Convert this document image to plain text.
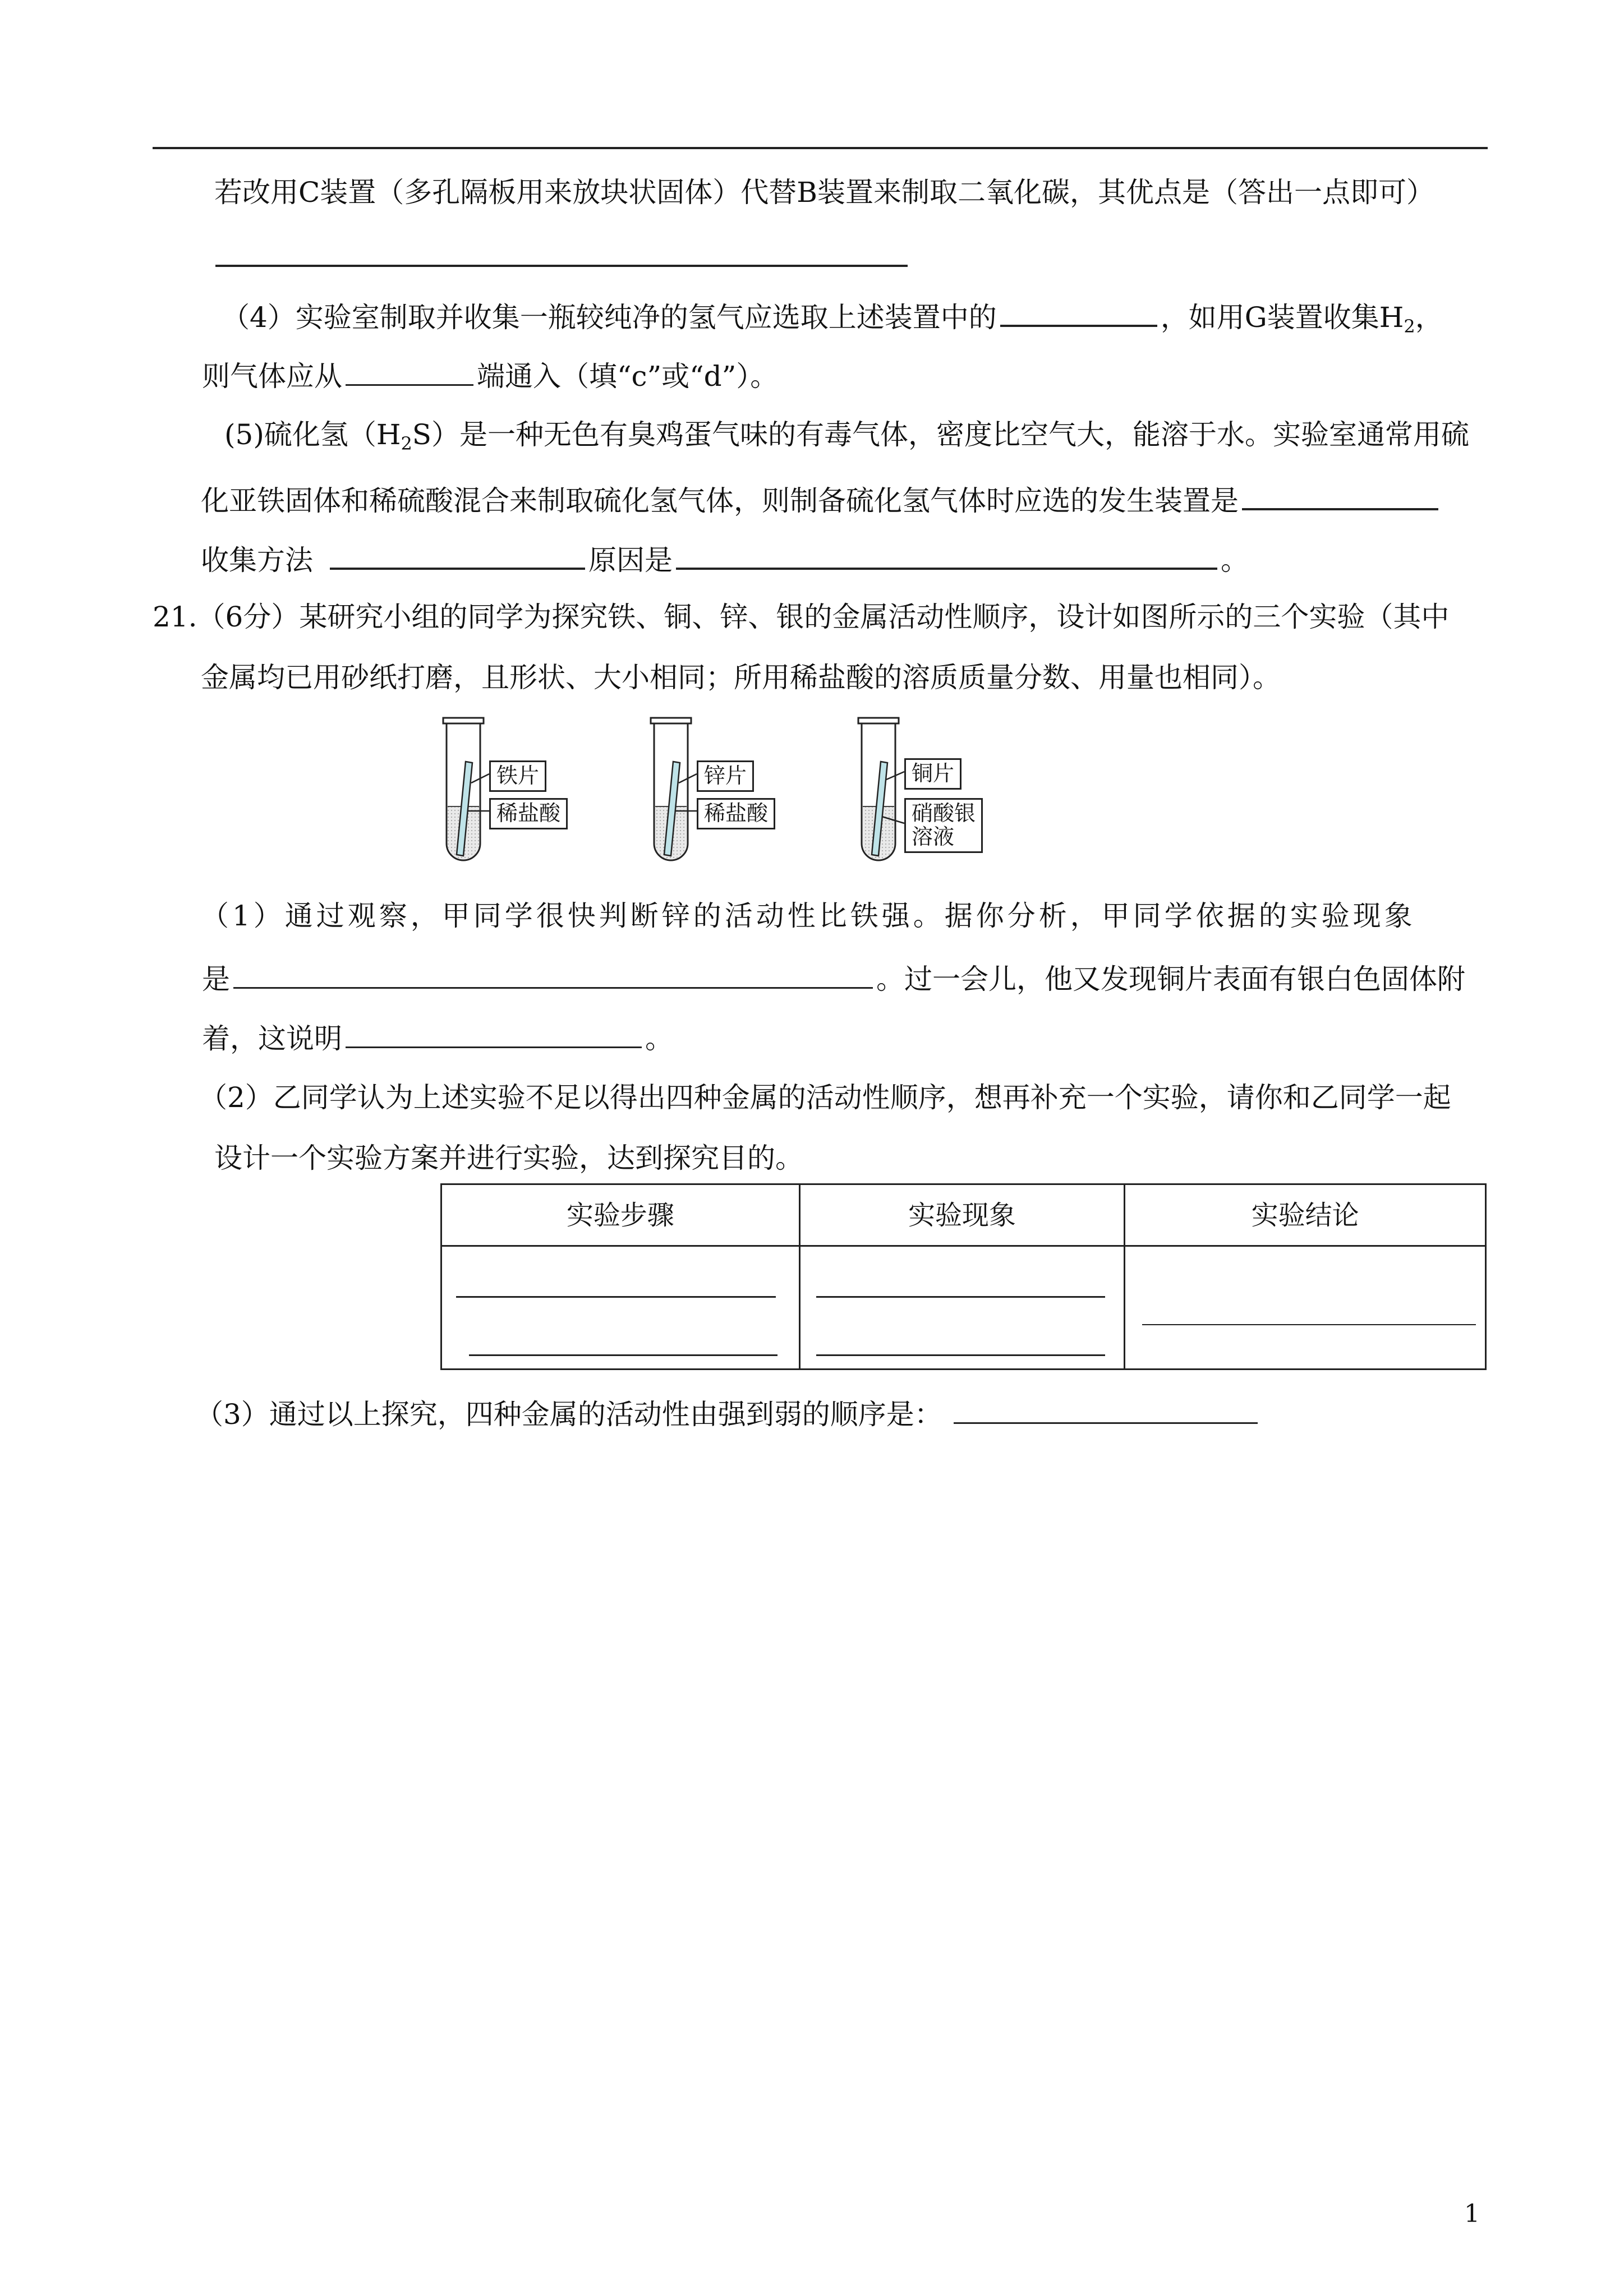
若改用C装置（多孔隔板用来放块状固体）代替B装置来制取二氧化碳，其优点是（答出一点即可）
（4）实验室制取并收集一瓶较纯净的氢气应选取上述装置中的	，如用G装置收集$H_2$，
则气体应从	端通入（填“c”或“d”）。
(5)硫化氢$(H_2S)$是一种无色有臭鸡蛋气味的有毒气体，密度比空气大，能溶于水。实验室通常用硫
化亚铁固体和稀硫酸混合来制取硫化氢气体，则制备硫化氢气体时应选的发生装置是
收集方法	原因是	。
21.（6分）某研究小组的同学为探究铁、铜、锌、银的金属活动性顺序，设计如图所示的三个实验（其中
金属均已用砂纸打磨，且形状、大小相同；所用稀盐酸的溶质质量分数、用量也相同）。
铁片
稀盐酸
锌片
稀盐酸
铜片
硝酸银
溶液
（1）通过观察，甲同学很快判断锌的活动性比铁强。据你分析，甲同学依据的实验现象
是	。过一会儿，他又发现铜片表面有银白色固体附
着，这说明	。
（2）乙同学认为上述实验不足以得出四种金属的活动性顺序，想再补充一个实验，请你和乙同学一起
设计一个实验方案并进行实验，达到探究目的。
实验步骤	实验现象	实验结论

（3）通过以上探究，四种金属的活动性由强到弱的顺序是：
1
